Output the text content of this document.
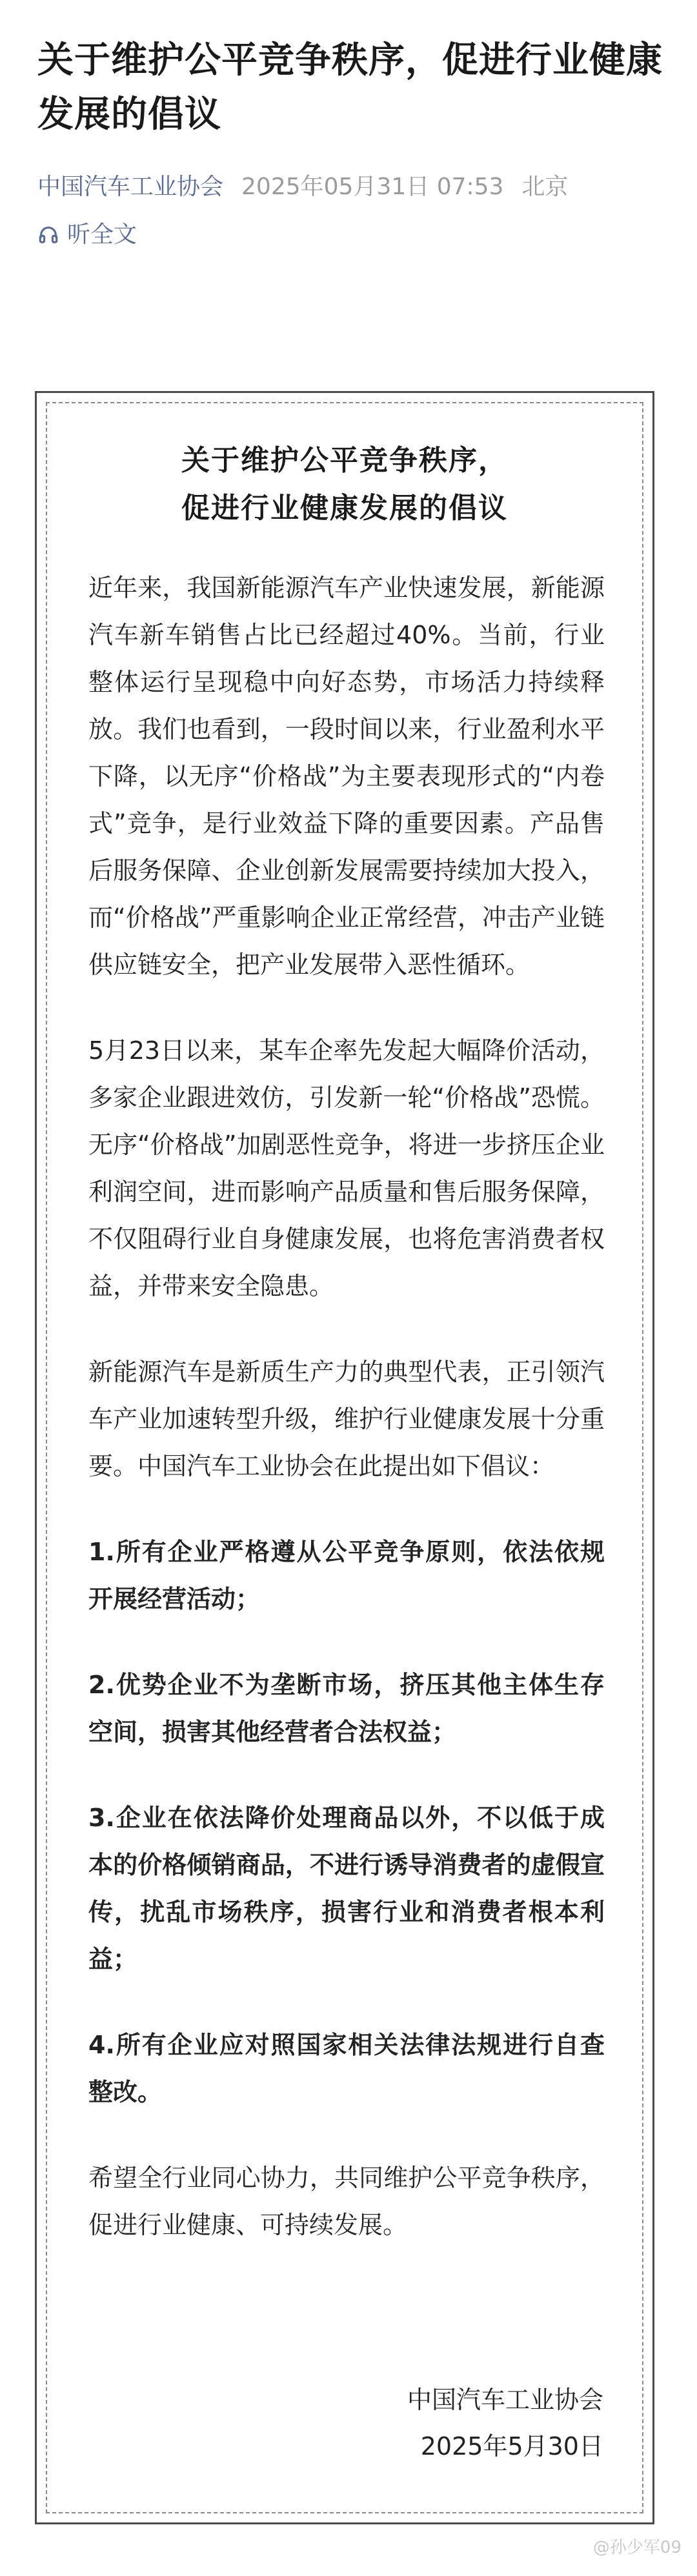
关于维护公平竞争秩序，促进行业健康发展的倡议
中国汽车工业协会 2025年05月31日 07:53 北京
听全文
关于维护公平竞争秩序，
促进行业健康发展的倡议

近年来，我国新能源汽车产业快速发展，新能源汽车新车销售占比已经超过40%。当前，行业整体运行呈现稳中向好态势，市场活力持续释放。我们也看到，一段时间以来，行业盈利水平下降，以无序“价格战”为主要表现形式的“内卷式”竞争，是行业效益下降的重要因素。产品售后服务保障、企业创新发展需要持续加大投入，而“价格战”严重影响企业正常经营，冲击产业链供应链安全，把产业发展带入恶性循环。

5月23日以来，某车企率先发起大幅降价活动，多家企业跟进效仿，引发新一轮“价格战”恐慌。无序“价格战”加剧恶性竞争，将进一步挤压企业利润空间，进而影响产品质量和售后服务保障，不仅阻碍行业自身健康发展，也将危害消费者权益，并带来安全隐患。

新能源汽车是新质生产力的典型代表，正引领汽车产业加速转型升级，维护行业健康发展十分重要。中国汽车工业协会在此提出如下倡议：

1.所有企业严格遵从公平竞争原则，依法依规开展经营活动；

2.优势企业不为垄断市场，挤压其他主体生存空间，损害其他经营者合法权益；

3.企业在依法降价处理商品以外，不以低于成本的价格倾销商品，不进行诱导消费者的虚假宣传，扰乱市场秩序，损害行业和消费者根本利益；

4.所有企业应对照国家相关法律法规进行自查整改。

希望全行业同心协力，共同维护公平竞争秩序，促进行业健康、可持续发展。

中国汽车工业协会
2025年5月30日
@孙少军09
